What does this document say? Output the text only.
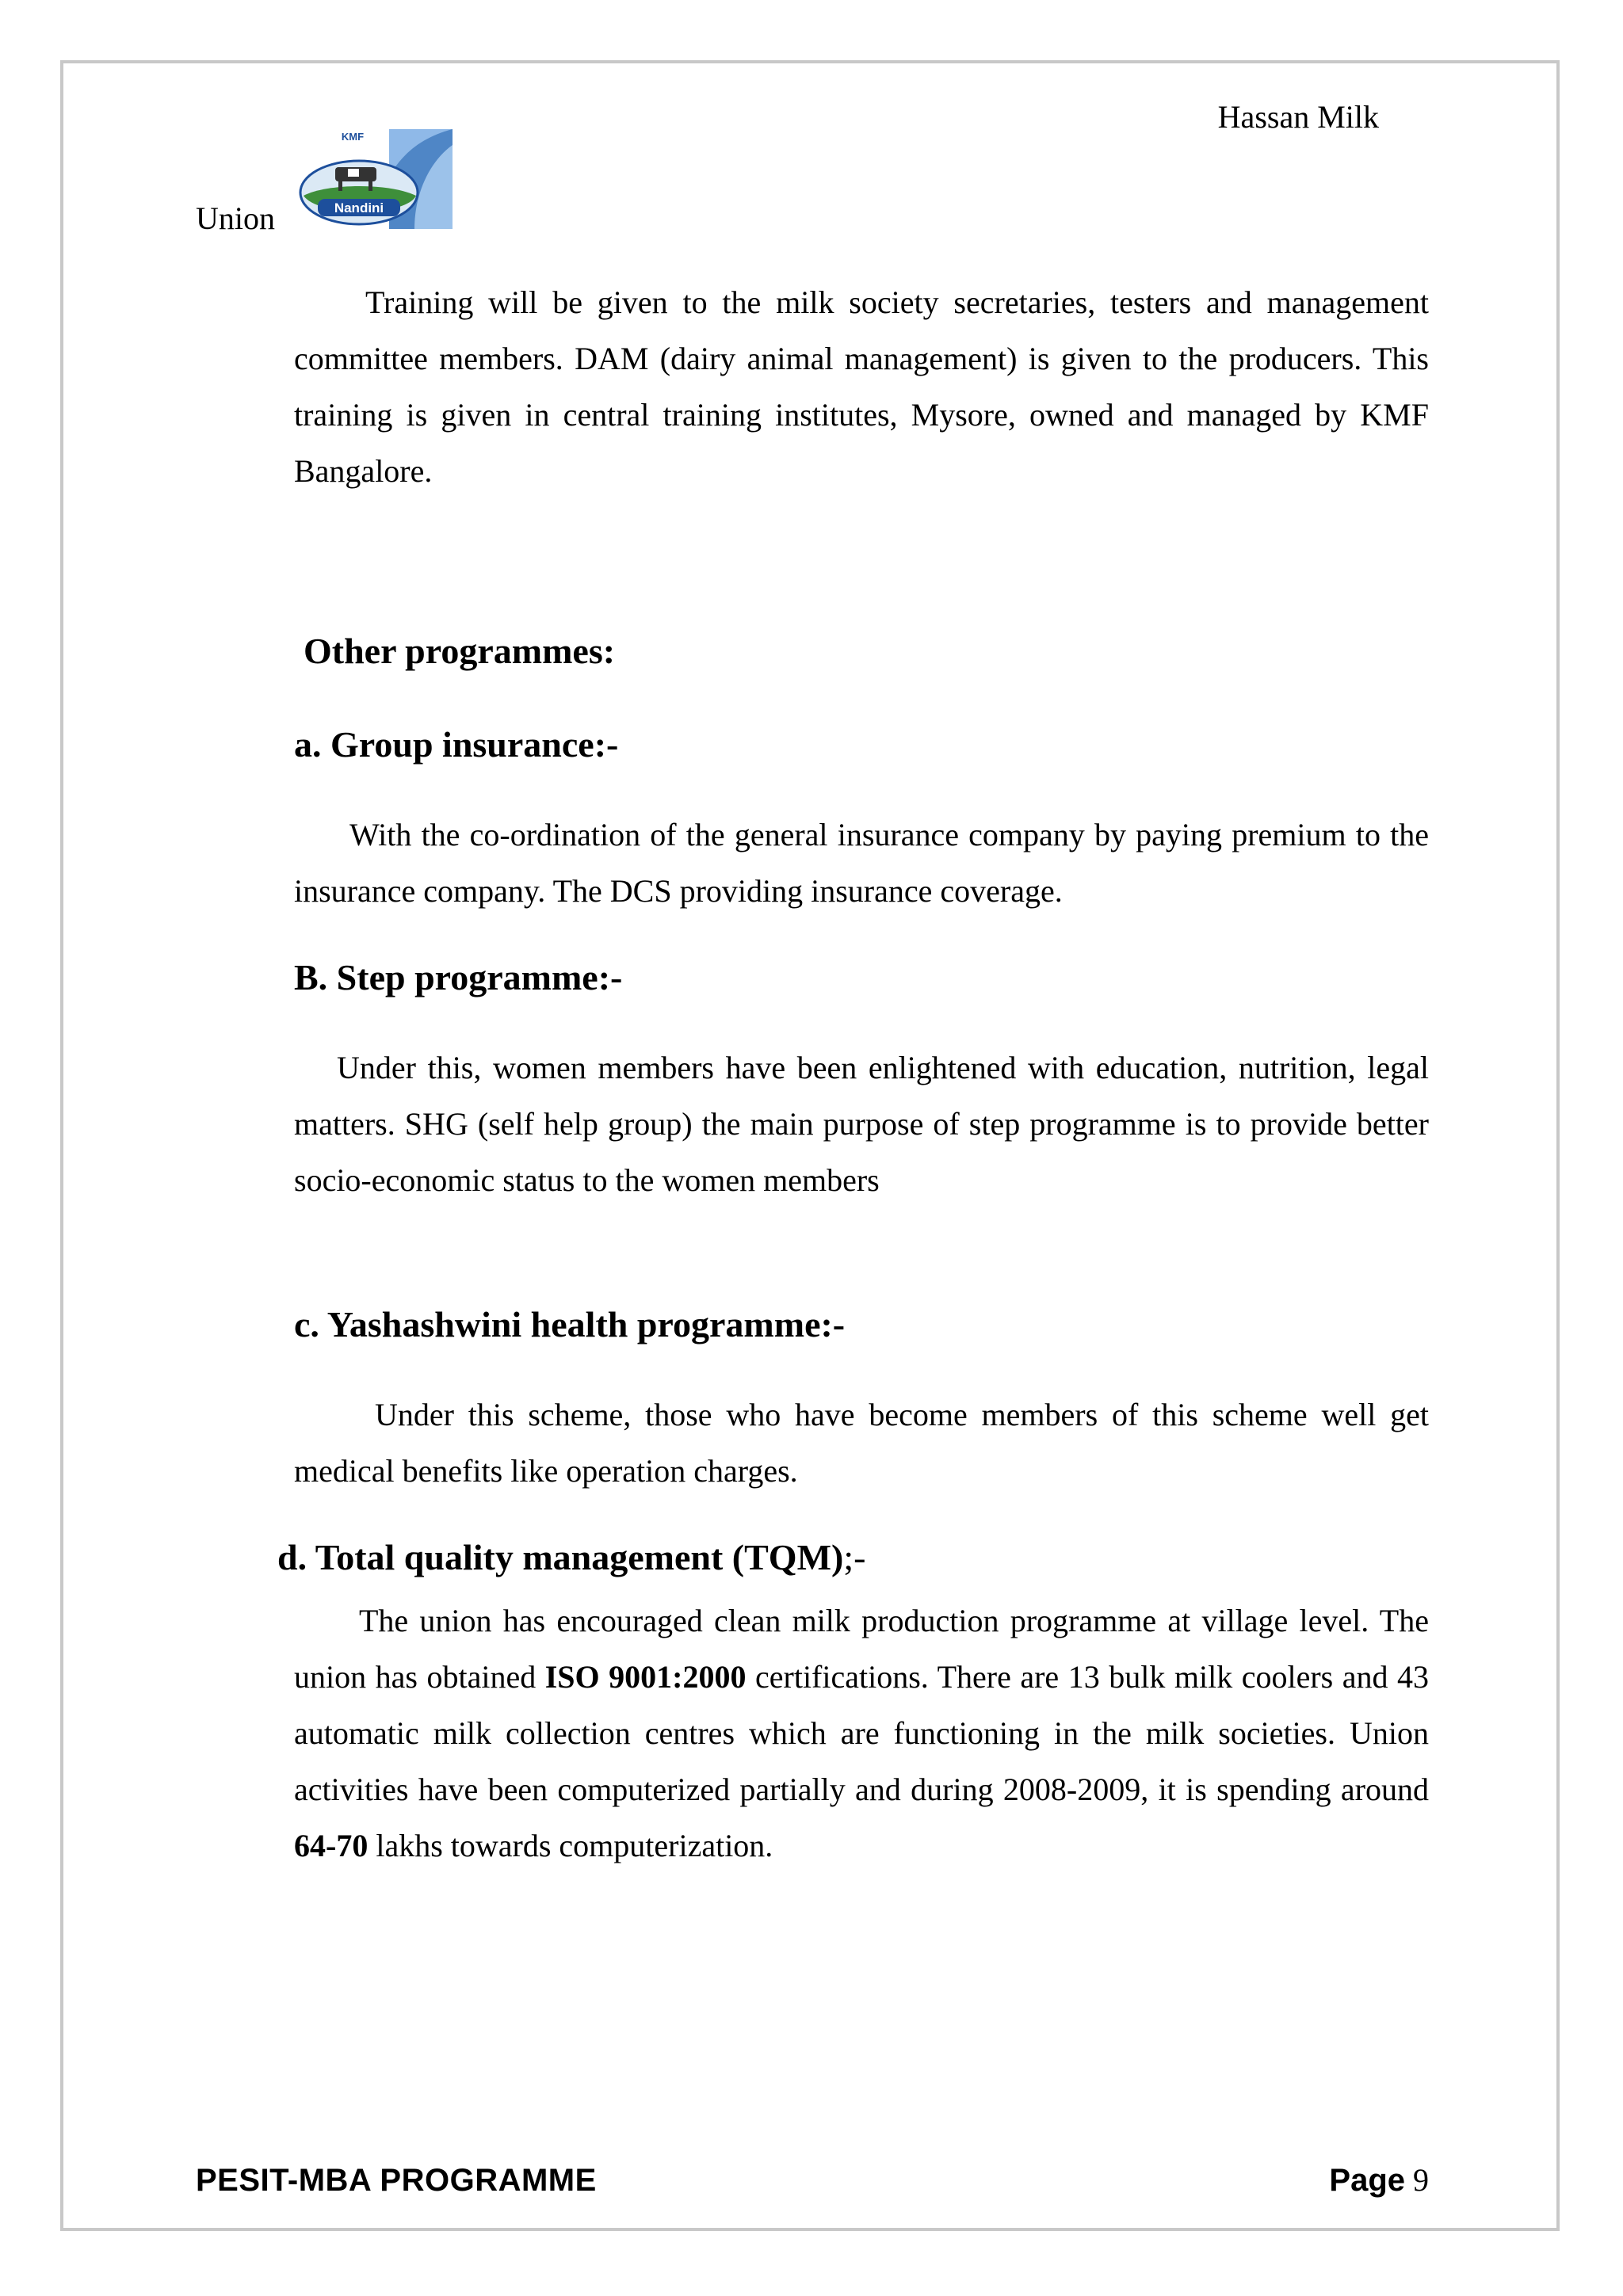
Hassan Milk
Union	Nandini
KMF
Training will be given to the milk society secretaries, testers and management committee members. DAM (dairy animal management) is given to the producers. This training is given in central training institutes, Mysore, owned and managed by KMF Bangalore.
Other programmes:
a. Group insurance:-
With the co-ordination of the general insurance company by paying premium to the insurance company. The DCS providing insurance coverage.
B. Step programme:-
Under this, women members have been enlightened with education, nutrition, legal matters. SHG (self help group) the main purpose of step programme is to provide better socio-economic status to the women members
c. Yashashwini health programme:-
Under this scheme, those who have become members of this scheme well get medical benefits like operation charges.
d. Total quality management (TQM);-
The union has encouraged clean milk production programme at village level. The union has obtained ISO 9001:2000 certifications. There are 13 bulk milk coolers and 43 automatic milk collection centres which are functioning in the milk societies. Union activities have been computerized partially and during 2008-2009, it is spending around 64-70 lakhs towards computerization.
PESIT-MBA PROGRAMME	Page 9
